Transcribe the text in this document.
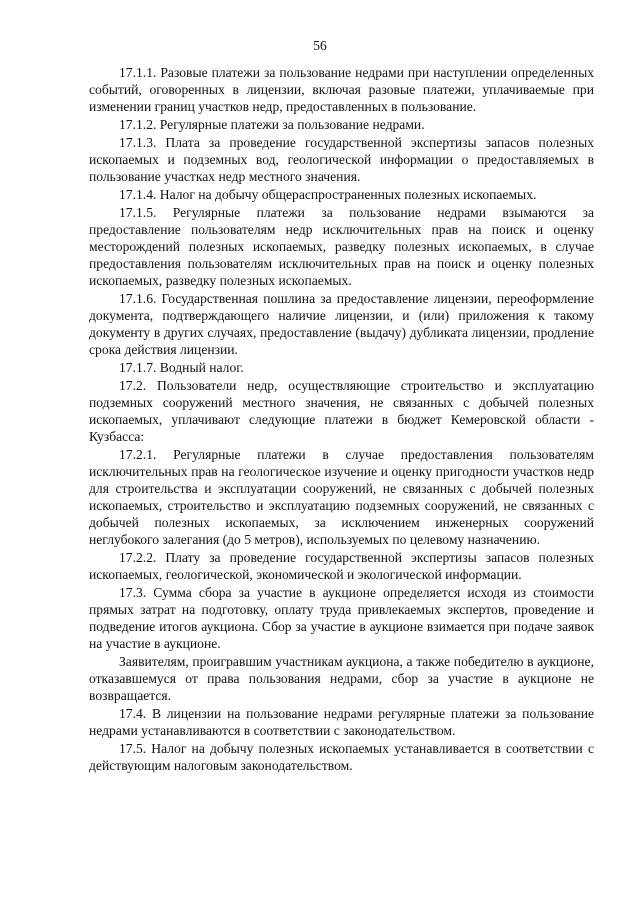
56

17.1.1. Разовые платежи за пользование недрами при наступлении определенных событий, оговоренных в лицензии, включая разовые платежи, уплачиваемые при изменении границ участков недр, предоставленных в пользование.

17.1.2. Регулярные платежи за пользование недрами.

17.1.3. Плата за проведение государственной экспертизы запасов полезных ископаемых и подземных вод, геологической информации о предоставляемых в пользование участках недр местного значения.

17.1.4. Налог на добычу общераспространенных полезных ископаемых.

17.1.5. Регулярные платежи за пользование недрами взымаются за предоставление пользователям недр исключительных прав на поиск и оценку месторождений полезных ископаемых, разведку полезных ископаемых, в случае предоставления пользователям исключительных прав на поиск и оценку полезных ископаемых, разведку полезных ископаемых.

17.1.6. Государственная пошлина за предоставление лицензии, переоформление документа, подтверждающего наличие лицензии, и (или) приложения к такому документу в других случаях, предоставление (выдачу) дубликата лицензии, продление срока действия лицензии.

17.1.7. Водный налог.

17.2. Пользователи недр, осуществляющие строительство и эксплуатацию подземных сооружений местного значения, не связанных с добычей полезных ископаемых, уплачивают следующие платежи в бюджет Кемеровской области - Кузбасса:

17.2.1. Регулярные платежи в случае предоставления пользователям исключительных прав на геологическое изучение и оценку пригодности участков недр для строительства и эксплуатации сооружений, не связанных с добычей полезных ископаемых, строительство и эксплуатацию подземных сооружений, не связанных с добычей полезных ископаемых, за исключением инженерных сооружений неглубокого залегания (до 5 метров), используемых по целевому назначению.

17.2.2. Плату за проведение государственной экспертизы запасов полезных ископаемых, геологической, экономической и экологической информации.

17.3. Сумма сбора за участие в аукционе определяется исходя из стоимости прямых затрат на подготовку, оплату труда привлекаемых экспертов, проведение и подведение итогов аукциона. Сбор за участие в аукционе взимается при подаче заявок на участие в аукционе.

Заявителям, проигравшим участникам аукциона, а также победителю в аукционе, отказавшемуся от права пользования недрами, сбор за участие в аукционе не возвращается.

17.4. В лицензии на пользование недрами регулярные платежи за пользование недрами устанавливаются в соответствии с законодательством.

17.5. Налог на добычу полезных ископаемых устанавливается в соответствии с действующим налоговым законодательством.
